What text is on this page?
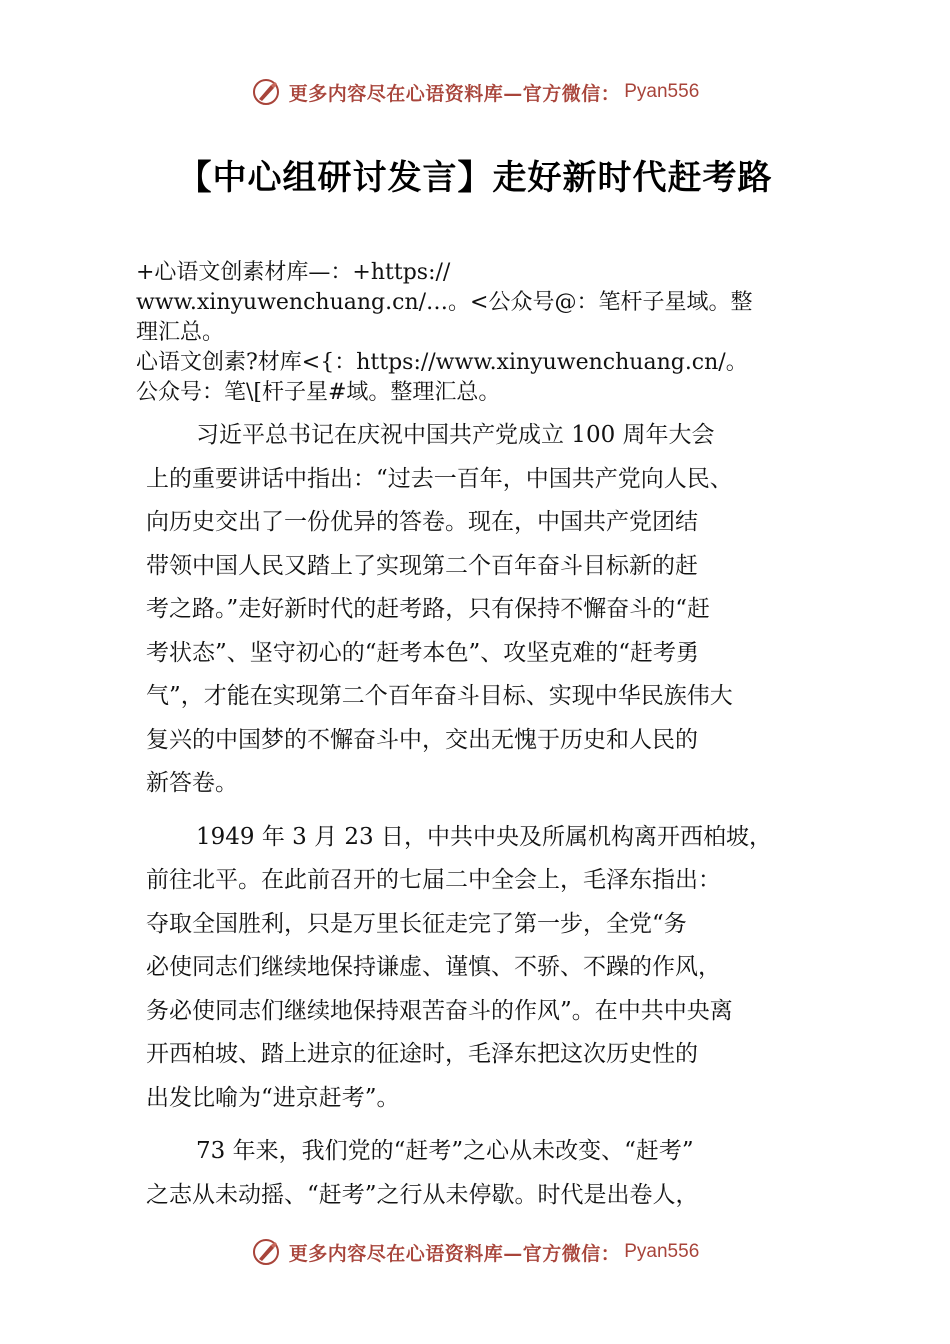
更多内容尽在心语资料库—官方微信： Pyan556
【中心组研讨发言】走好新时代赶考路
+心语文创素材库—：+https://
www.xinyuwenchuang.cn/…。<公众号@：笔杆子星域。整
理汇总。
心语文创素?材库<{：https://www.xinyuwenchuang.cn/。
公众号：笔\[杆子星#域。整理汇总。
习近平总书记在庆祝中国共产党成立 100 周年大会
上的重要讲话中指出：“过去一百年，中国共产党向人民、
向历史交出了一份优异的答卷。现在，中国共产党团结
带领中国人民又踏上了实现第二个百年奋斗目标新的赶
考之路。”走好新时代的赶考路，只有保持不懈奋斗的“赶
考状态”、坚守初心的“赶考本色”、攻坚克难的“赶考勇
气”，才能在实现第二个百年奋斗目标、实现中华民族伟大
复兴的中国梦的不懈奋斗中，交出无愧于历史和人民的
新答卷。
1949 年 3 月 23 日，中共中央及所属机构离开西柏坡，
前往北平。在此前召开的七届二中全会上，毛泽东指出：
夺取全国胜利，只是万里长征走完了第一步，全党“务
必使同志们继续地保持谦虚、谨慎、不骄、不躁的作风，
务必使同志们继续地保持艰苦奋斗的作风”。在中共中央离
开西柏坡、踏上进京的征途时，毛泽东把这次历史性的
出发比喻为“进京赶考”。
73 年来，我们党的“赶考”之心从未改变、“赶考”
之志从未动摇、“赶考”之行从未停歇。时代是出卷人，
更多内容尽在心语资料库—官方微信： Pyan556
